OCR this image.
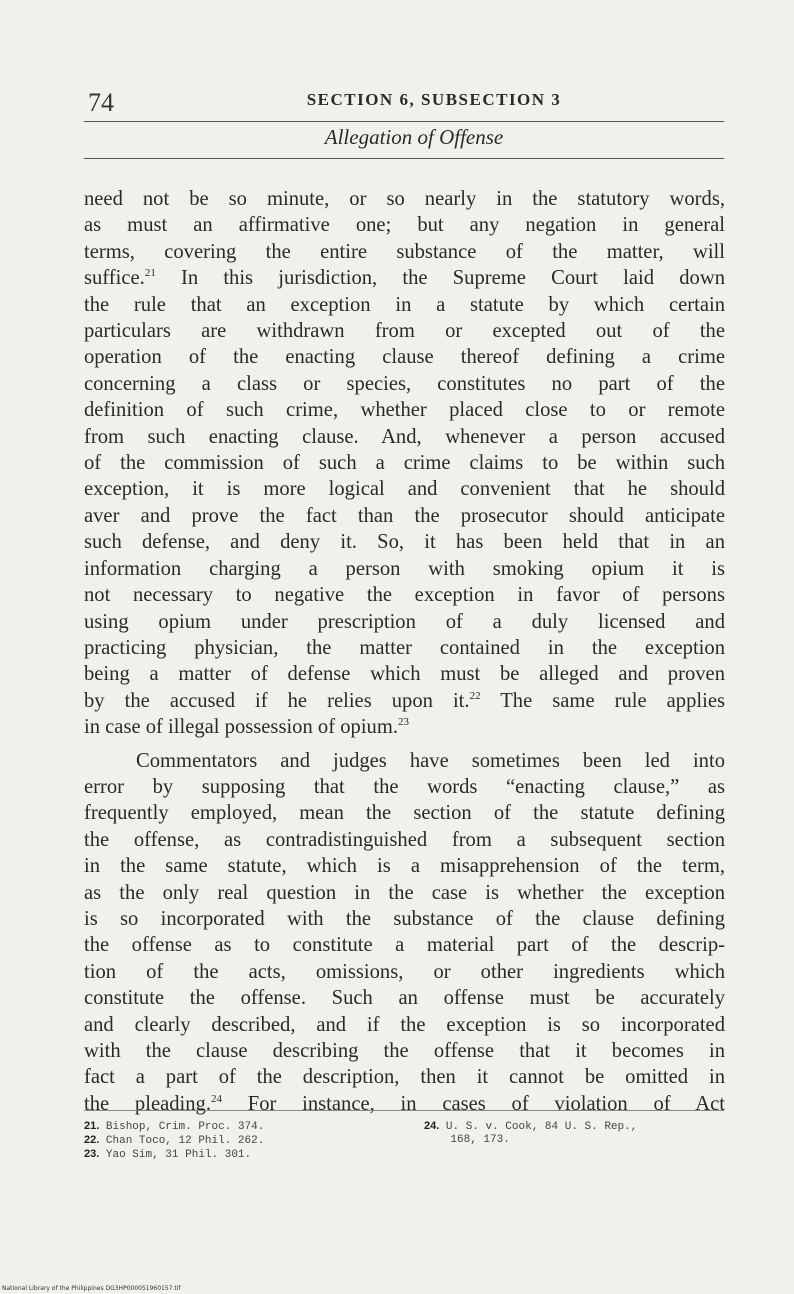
74	SECTION 6, SUBSECTION 3
Allegation of Offense

need not be so minute, or so nearly in the statutory words,
as must an affirmative one; but any negation in general
terms, covering the entire substance of the matter, will
suffice.$^{21}$ In this jurisdiction, the Supreme Court laid down
the rule that an exception in a statute by which certain
particulars are withdrawn from or excepted out of the
operation of the enacting clause thereof defining a crime
concerning a class or species, constitutes no part of the
definition of such crime, whether placed close to or remote
from such enacting clause. And, whenever a person accused
of the commission of such a crime claims to be within such
exception, it is more logical and convenient that he should
aver and prove the fact than the prosecutor should anticipate
such defense, and deny it. So, it has been held that in an
information charging a person with smoking opium it is
not necessary to negative the exception in favor of persons
using opium under prescription of a duly licensed and
practicing physician, the matter contained in the exception
being a matter of defense which must be alleged and proven
by the accused if he relies upon it.$^{22}$ The same rule applies
in case of illegal possession of opium.$^{23}$

Commentators and judges have sometimes been led into
error by supposing that the words “enacting clause,” as
frequently employed, mean the section of the statute defining
the offense, as contradistinguished from a subsequent section
in the same statute, which is a misapprehension of the term,
as the only real question in the case is whether the exception
is so incorporated with the substance of the clause defining
the offense as to constitute a material part of the descrip-
tion of the acts, omissions, or other ingredients which
constitute the offense. Such an offense must be accurately
and clearly described, and if the exception is so incorporated
with the clause describing the offense that it becomes in
fact a part of the description, then it cannot be omitted in
the pleading.$^{24}$ For instance, in cases of violation of Act

21. Bishop, Crim. Proc. 374.
22. Chan Toco, 12 Phil. 262.
23. Yao Sim, 31 Phil. 301.
24. U. S. v. Cook, 84 U. S. Rep.,
168, 173.
National Library of the Philippines DG3HP000051960157.tif
